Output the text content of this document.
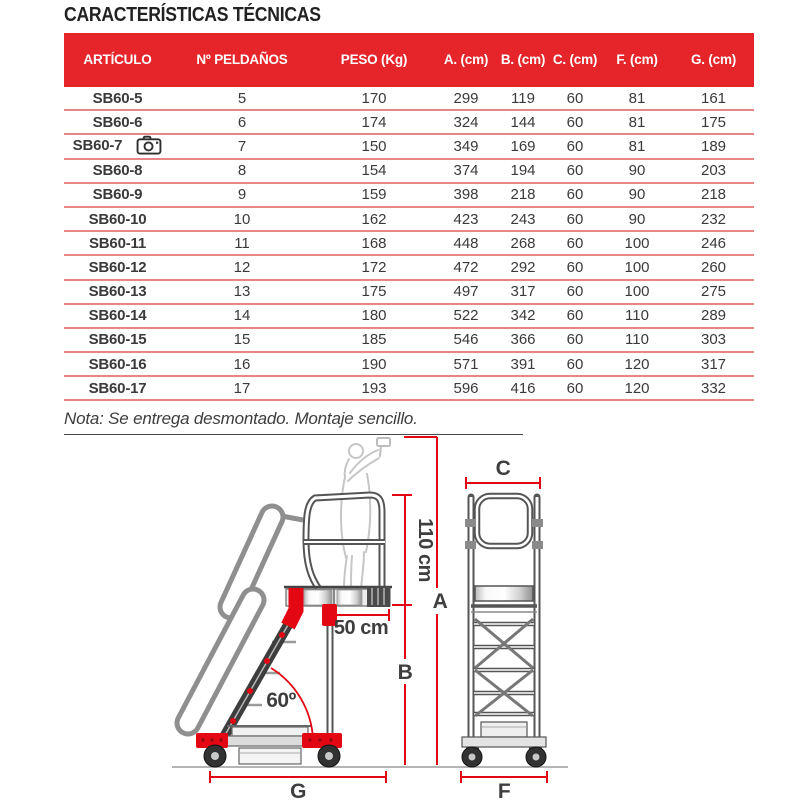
CARACTERÍSTICAS TÉCNICAS
ARTÍCULO	Nº PELDAÑOS	PESO (Kg)	A. (cm)	B. (cm)	C. (cm)	F. (cm)	G. (cm)
SB60-5	5	170	299	119	60	81	161
SB60-6	6	174	324	144	60	81	175
SB60-7	7	150	349	169	60	81	189
SB60-8	8	154	374	194	60	90	203
SB60-9	9	159	398	218	60	90	218
SB60-10	10	162	423	243	60	90	232
SB60-11	11	168	448	268	60	100	246
SB60-12	12	172	472	292	60	100	260
SB60-13	13	175	497	317	60	100	275
SB60-14	14	180	522	342	60	110	289
SB60-15	15	185	546	366	60	110	303
SB60-16	16	190	571	391	60	120	317
SB60-17	17	193	596	416	60	120	332
Nota: Se entrega desmontado. Montaje sencillo.
60º
110 cm
B
A
50 cm
G
C
F
